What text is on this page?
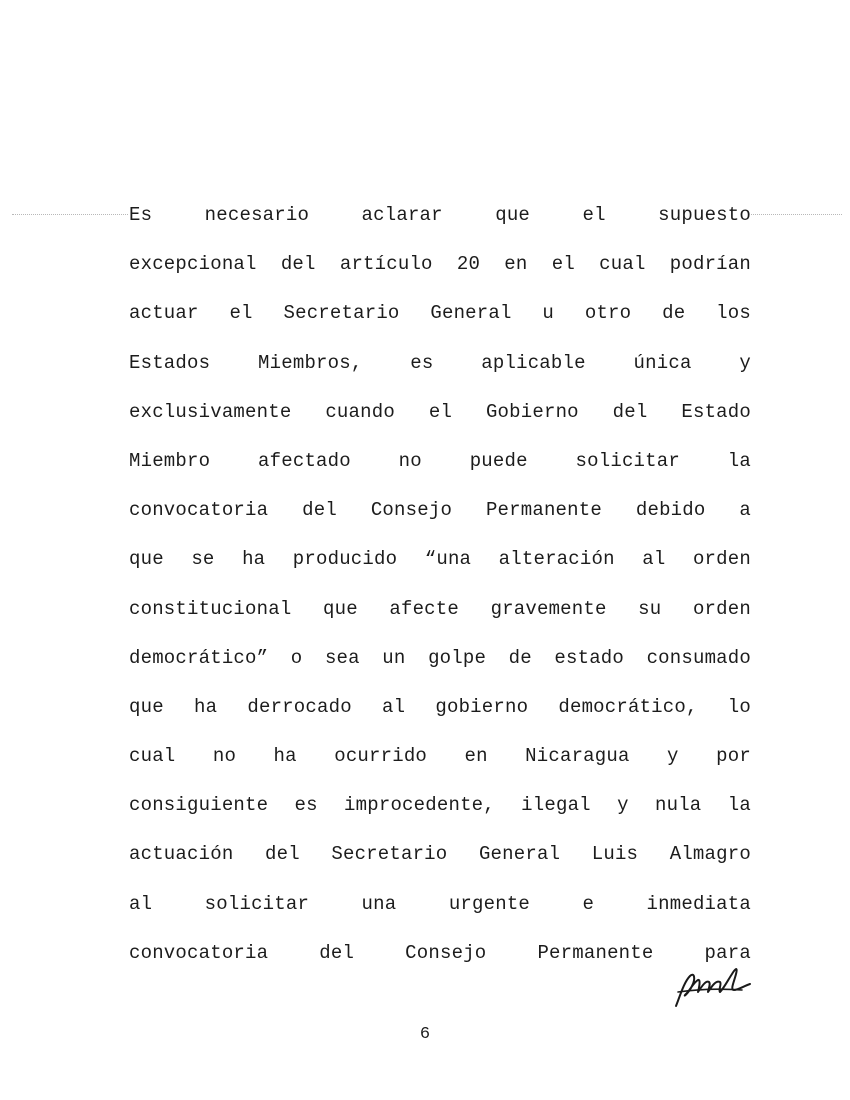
Es	necesario	aclarar	que	el	supuesto
excepcional del artículo 20 en el cual podrían
actuar el Secretario General u otro de los
Estados	Miembros,	es	aplicable	única	y
exclusivamente cuando el Gobierno del Estado
Miembro	afectado	no	puede	solicitar	la
convocatoria del Consejo Permanente debido a
que se ha producido “una alteración al orden
constitucional que afecte gravemente su orden
democrático” o sea un golpe de estado consumado
que ha derrocado al gobierno democrático, lo
cual no ha ocurrido en Nicaragua y por
consiguiente es improcedente, ilegal y nula la
actuación del Secretario General Luis Almagro
al	solicitar	una	urgente	e	inmediata
convocatoria	del	Consejo	Permanente	para
6
